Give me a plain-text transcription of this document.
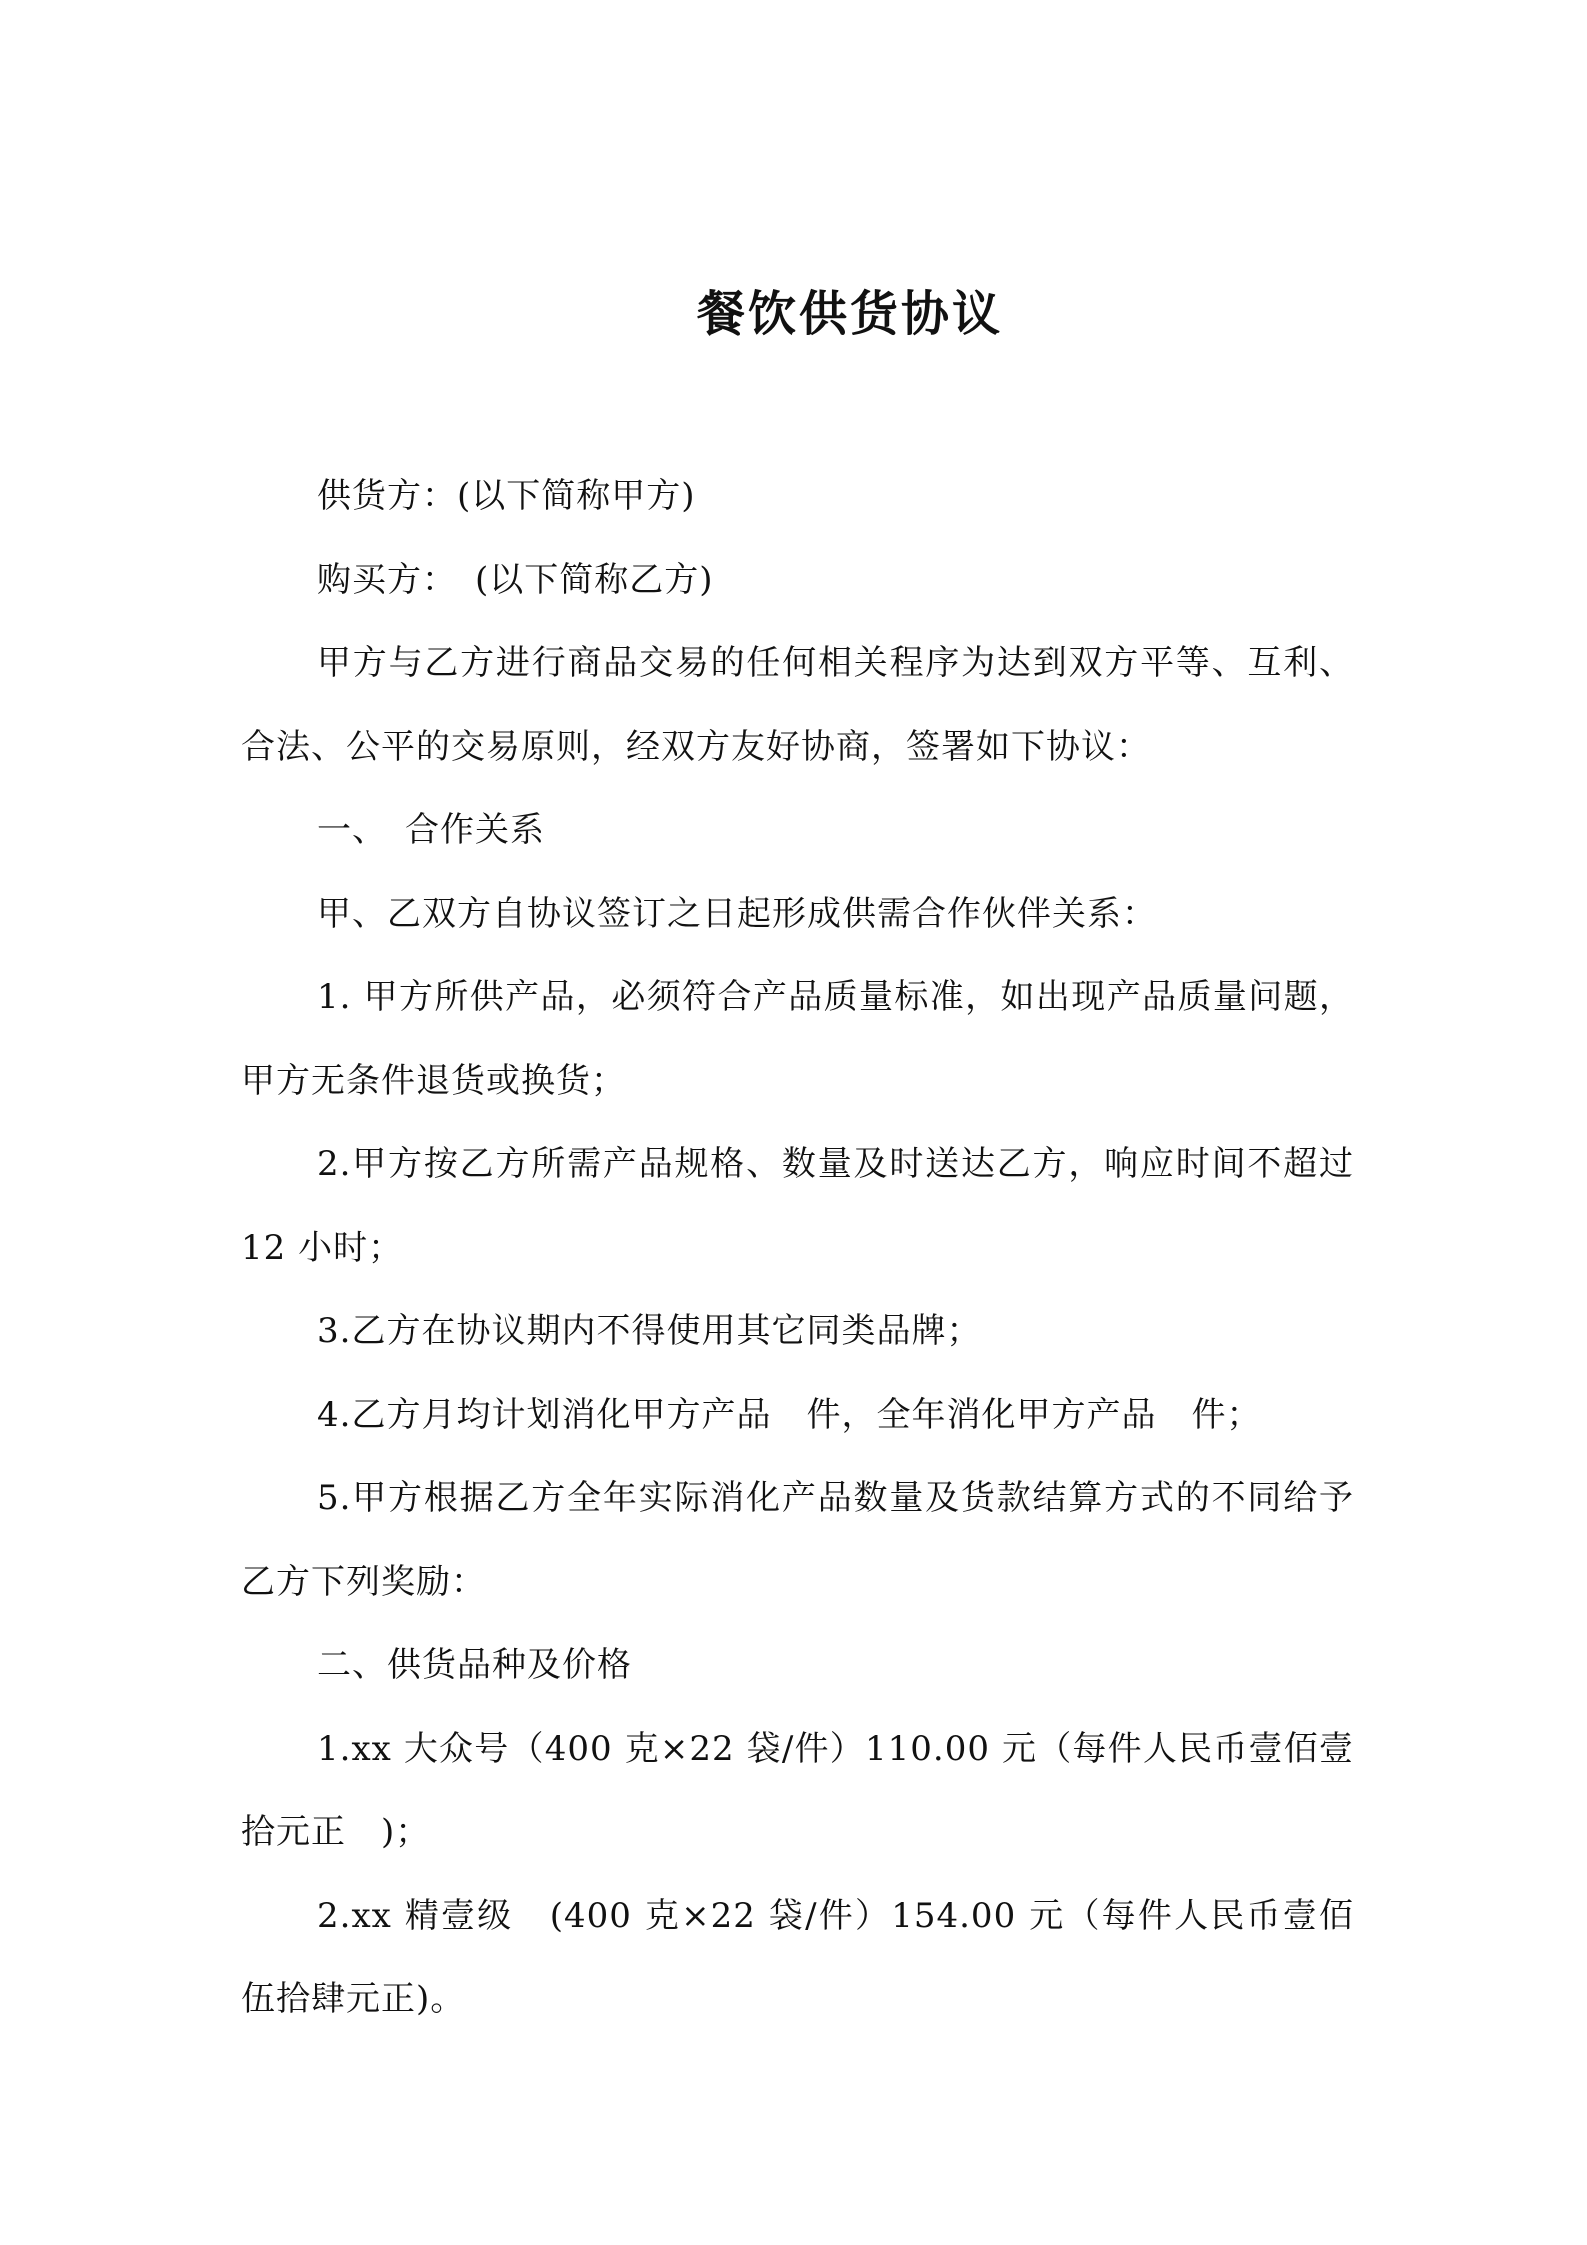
餐饮供货协议

供货方：(以下简称甲方)

购买方：　(以下简称乙方)

甲方与乙方进行商品交易的任何相关程序为达到双方平等、互利、合法、公平的交易原则，经双方友好协商，签署如下协议：

一、　合作关系

甲、乙双方自协议签订之日起形成供需合作伙伴关系：

1. 甲方所供产品，必须符合产品质量标准，如出现产品质量问题，甲方无条件退货或换货；

2.甲方按乙方所需产品规格、数量及时送达乙方，响应时间不超过 12 小时；

3.乙方在协议期内不得使用其它同类品牌；

4.乙方月均计划消化甲方产品　件，全年消化甲方产品　件；

5.甲方根据乙方全年实际消化产品数量及货款结算方式的不同给予乙方下列奖励：

二、供货品种及价格

1.xx 大众号（400 克×22 袋/件）110.00 元（每件人民币壹佰壹拾元正　)；

2.xx 精壹级　(400 克×22 袋/件）154.00 元（每件人民币壹佰伍拾肆元正)。
